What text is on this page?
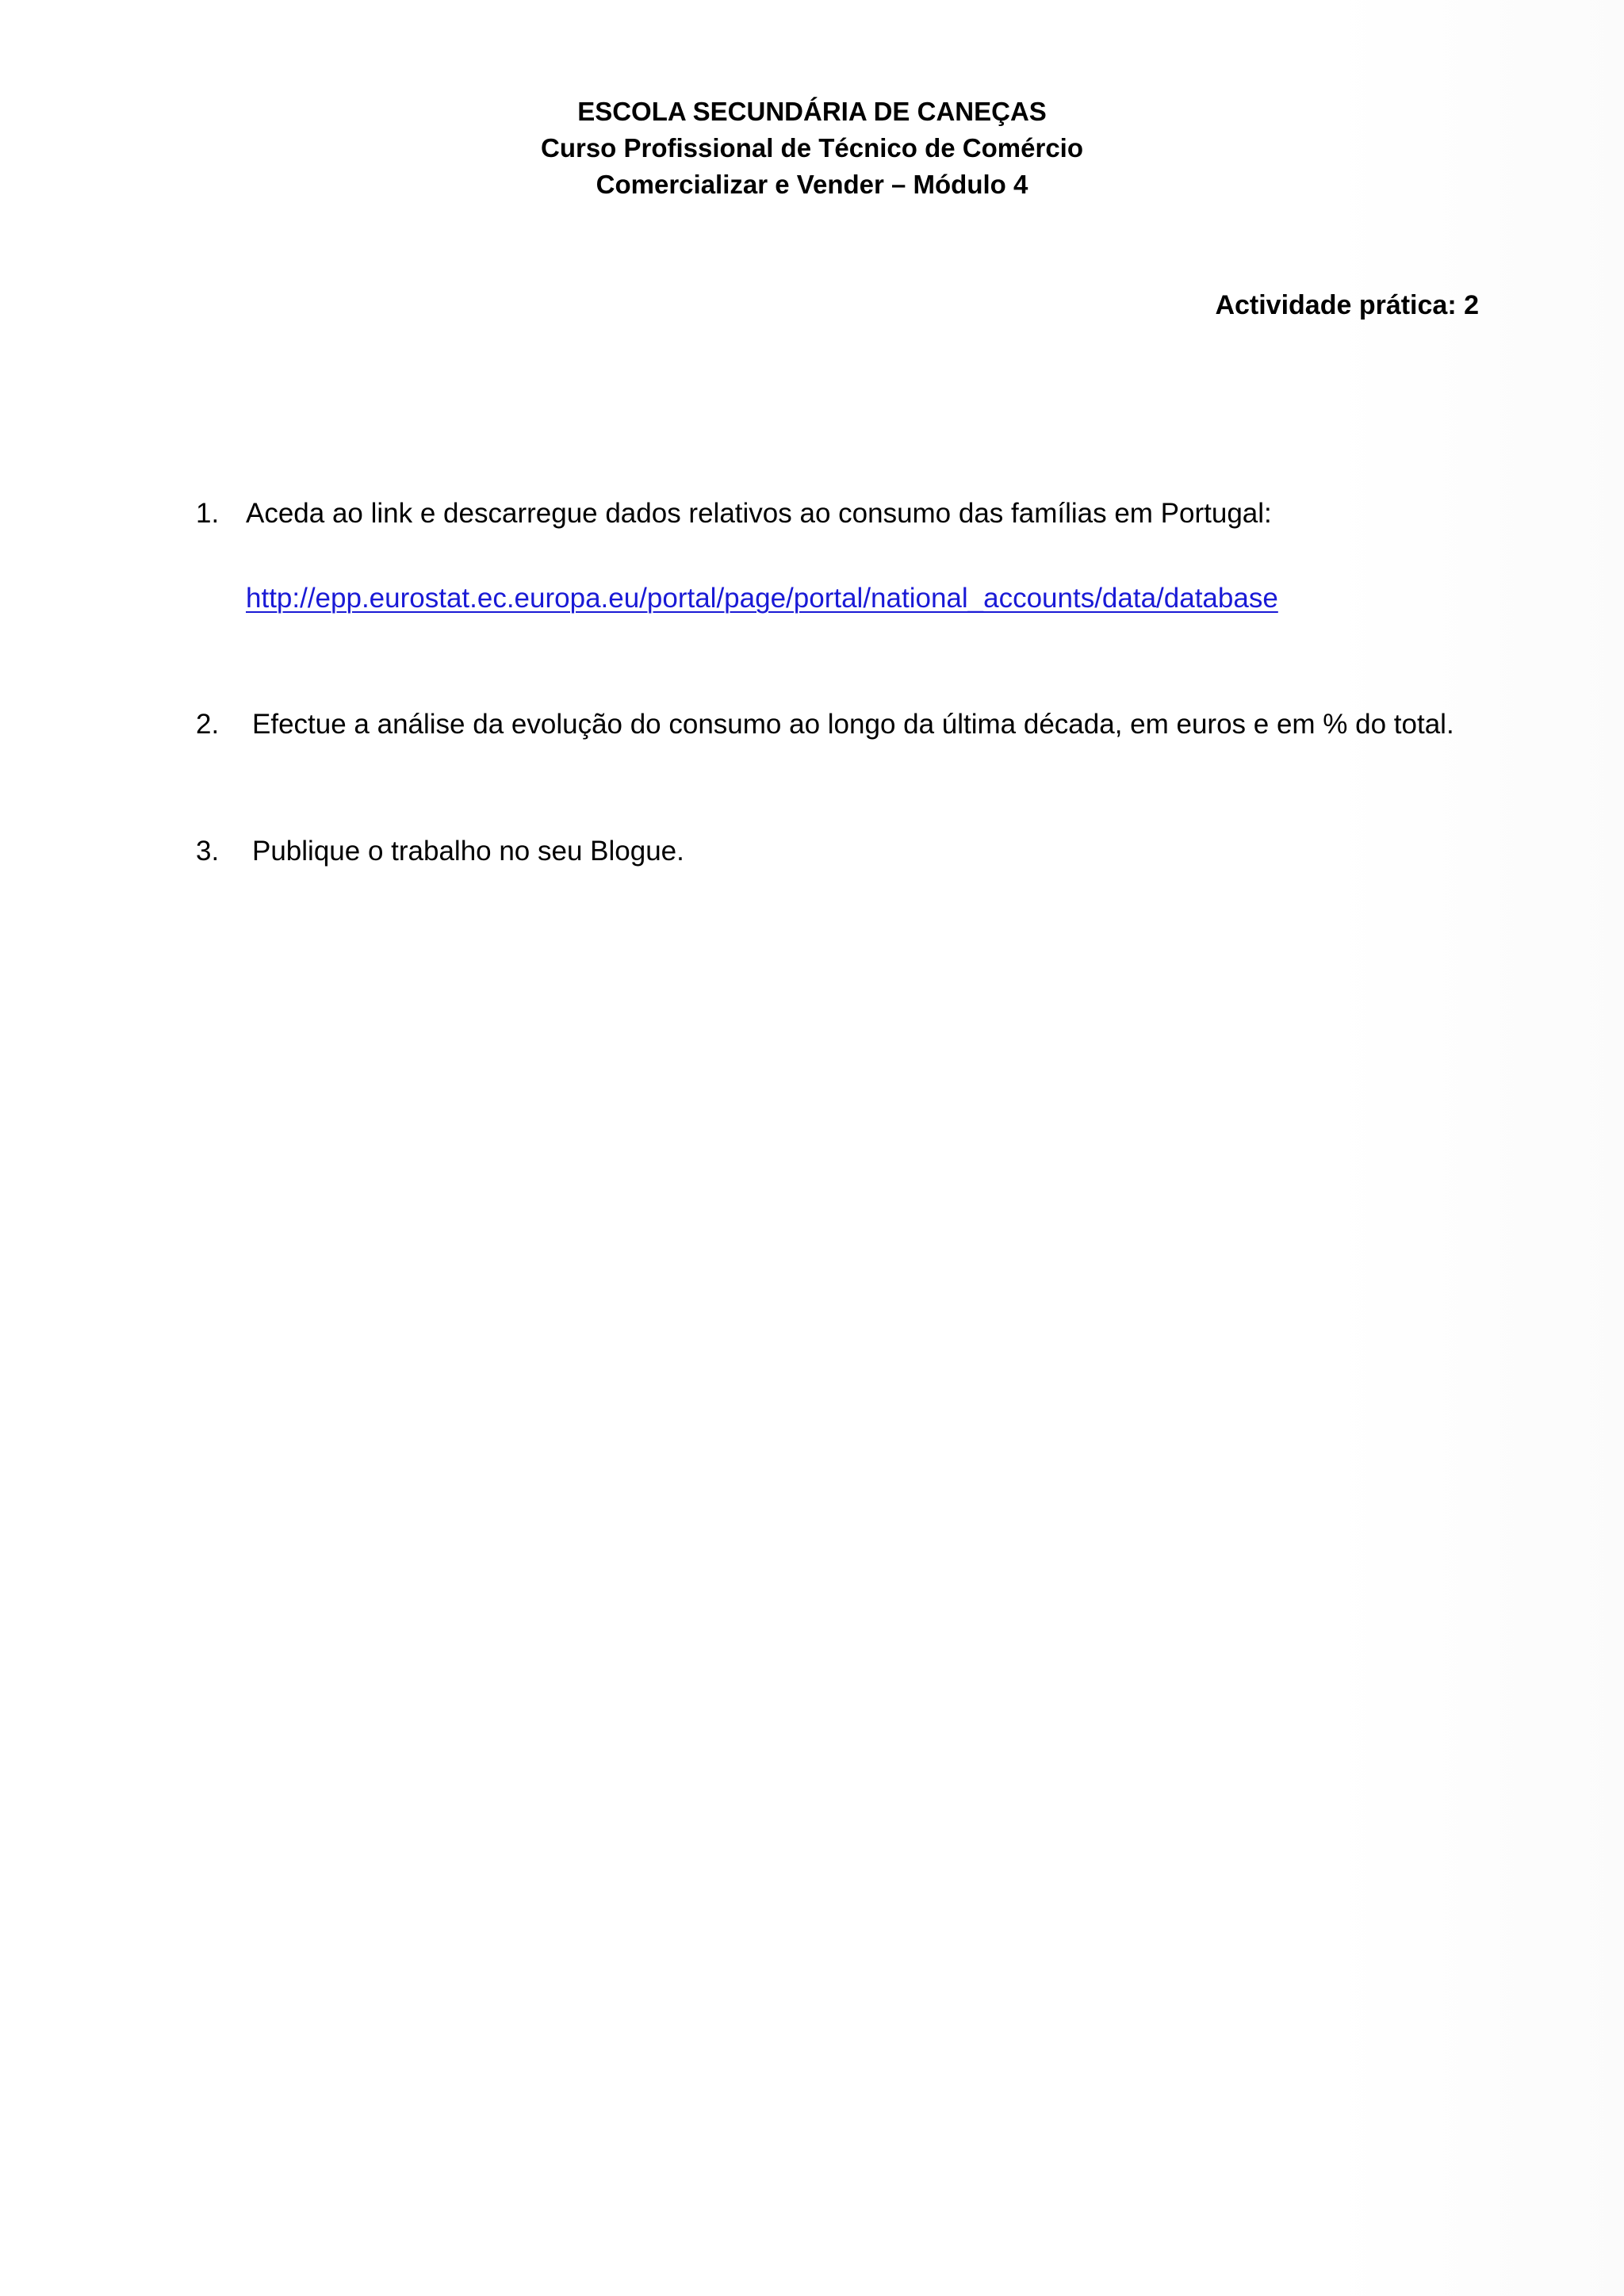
ESCOLA SECUNDÁRIA DE CANEÇAS
Curso Profissional de Técnico de Comércio
Comercializar e Vender – Módulo 4
Actividade prática: 2
1. Aceda ao link e descarregue dados relativos ao consumo das famílias em Portugal:
http://epp.eurostat.ec.europa.eu/portal/page/portal/national_accounts/data/database
2. Efectue a análise da evolução do consumo ao longo da última década, em euros e em % do total.
3. Publique o trabalho no seu Blogue.
